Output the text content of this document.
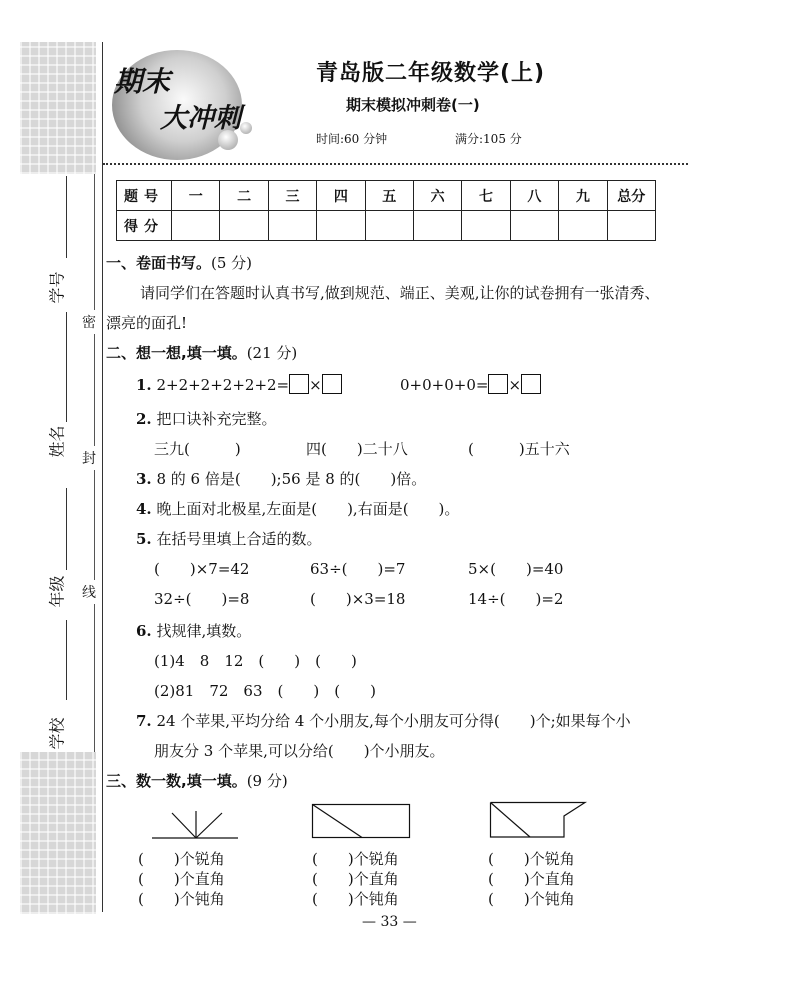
学号
姓名
年级
学校
密
封
线
期末
大冲刺
青岛版二年级数学(上)
期末模拟冲刺卷(一)
时间:60 分钟	满分:105 分
题号	一	二	三	四	五	六	七	八	九	总分
得分										
一、卷面书写。(5 分)
请同学们在答题时认真书写,做到规范、端正、美观,让你的试卷拥有一张清秀、
漂亮的面孔!
二、想一想,填一填。(21 分)
1. 2+2+2+2+2+2= ×	0+0+0+0= ×
2. 把口诀补充完整。
三九(　　　)	四(　　)二十八	(　　　)五十六
3. 8 的 6 倍是(　　);56 是 8 的(　　)倍。
4. 晚上面对北极星,左面是(　　),右面是(　　)。
5. 在括号里填上合适的数。
(　　)×7=42	63÷(　　)=7	5×(　　)=40
32÷(　　)=8	(　　)×3=18	14÷(　　)=2
6. 找规律,填数。
(1)4　8　12　(　　)　(　　)
(2)81　72　63　(　　)　(　　)
7. 24 个苹果,平均分给 4 个小朋友,每个小朋友可分得(　　)个;如果每个小
朋友分 3 个苹果,可以分给(　　)个小朋友。
三、数一数,填一填。(9 分)
(　　)个锐角
(　　)个直角
(　　)个钝角
(　　)个锐角
(　　)个直角
(　　)个钝角
(　　)个锐角
(　　)个直角
(　　)个钝角
— 33 —
